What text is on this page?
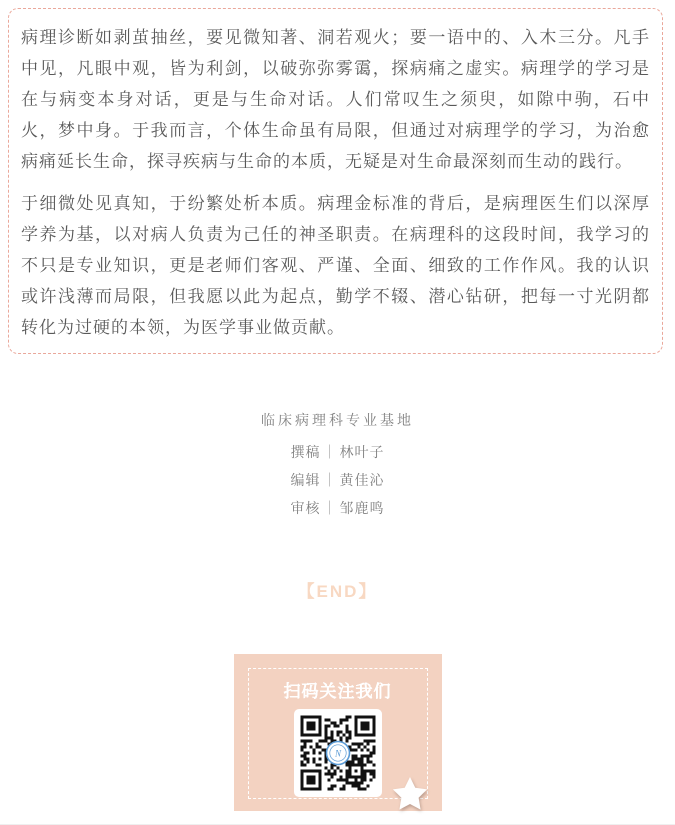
病理诊断如剥茧抽丝，要见微知著、洞若观火；要一语中的、入木三分。凡手中见，凡眼中观，皆为利剑，以破弥弥雾霭，探病痛之虚实。病理学的学习是在与病变本身对话，更是与生命对话。人们常叹生之须臾，如隙中驹，石中火，梦中身。于我而言，个体生命虽有局限，但通过对病理学的学习，为治愈病痛延长生命，探寻疾病与生命的本质，无疑是对生命最深刻而生动的践行。

于细微处见真知，于纷繁处析本质。病理金标准的背后，是病理医生们以深厚学养为基，以对病人负责为己任的神圣职责。在病理科的这段时间，我学习的不只是专业知识，更是老师们客观、严谨、全面、细致的工作作风。我的认识或许浅薄而局限，但我愿以此为起点，勤学不辍、潜心钻研，把每一寸光阴都转化为过硬的本领，为医学事业做贡献。

临床病理科专业基地
撰稿 ｜ 林叶子
编辑 ｜ 黄佳沁
审核 ｜ 邹鹿鸣
【END】
扫码关注我们
N
